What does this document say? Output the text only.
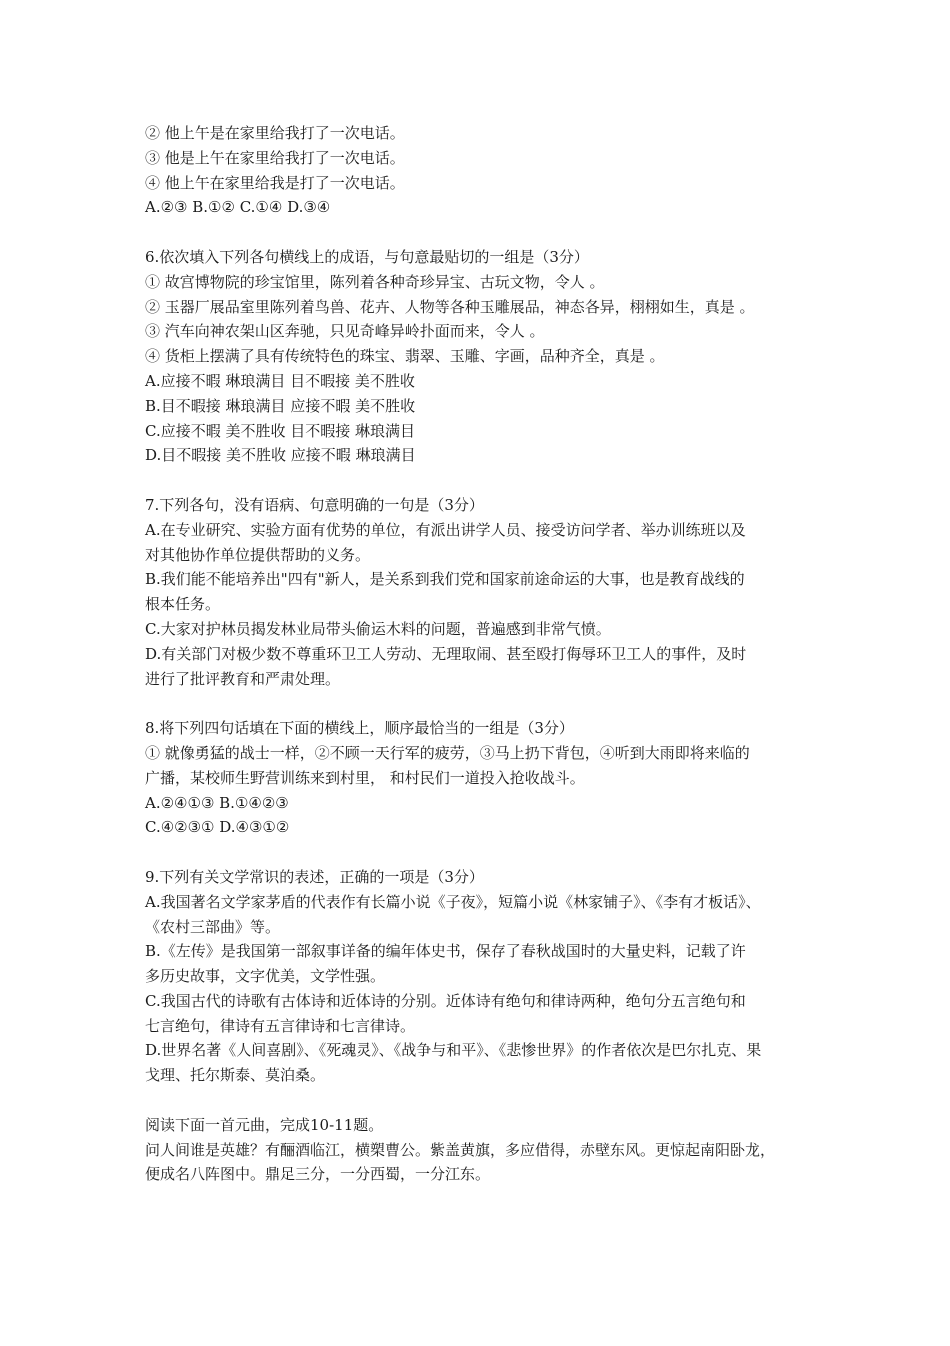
② 他上午是在家里给我打了一次电话。
③ 他是上午在家里给我打了一次电话。
④ 他上午在家里给我是打了一次电话。
A.②③ B.①② C.①④ D.③④
6.依次填入下列各句横线上的成语，与句意最贴切的一组是（3分）
① 故宫博物院的珍宝馆里，陈列着各种奇珍异宝、古玩文物，令人 。
② 玉器厂展品室里陈列着鸟兽、花卉、人物等各种玉雕展品，神态各异，栩栩如生，真是 。
③ 汽车向神农架山区奔驰，只见奇峰异岭扑面而来，令人 。
④ 货柜上摆满了具有传统特色的珠宝、翡翠、玉雕、字画，品种齐全，真是 。
A.应接不暇 琳琅满目 目不暇接 美不胜收
B.目不暇接 琳琅满目 应接不暇 美不胜收
C.应接不暇 美不胜收 目不暇接 琳琅满目
D.目不暇接 美不胜收 应接不暇 琳琅满目
7.下列各句，没有语病、句意明确的一句是（3分）
A.在专业研究、实验方面有优势的单位，有派出讲学人员、接受访问学者、举办训练班以及
对其他协作单位提供帮助的义务。
B.我们能不能培养出"四有"新人，是关系到我们党和国家前途命运的大事，也是教育战线的
根本任务。
C.大家对护林员揭发林业局带头偷运木料的问题，普遍感到非常气愤。
D.有关部门对极少数不尊重环卫工人劳动、无理取闹、甚至殴打侮辱环卫工人的事件，及时
进行了批评教育和严肃处理。
8.将下列四句话填在下面的横线上，顺序最恰当的一组是（3分）
① 就像勇猛的战士一样，②不顾一天行军的疲劳，③马上扔下背包，④听到大雨即将来临的
广播，某校师生野营训练来到村里， 和村民们一道投入抢收战斗。
A.②④①③ B.①④②③
C.④②③① D.④③①②
9.下列有关文学常识的表述，正确的一项是（3分）
A.我国著名文学家茅盾的代表作有长篇小说《子夜》，短篇小说《林家铺子》、《李有才板话》、
《农村三部曲》等。
B.《左传》是我国第一部叙事详备的编年体史书，保存了春秋战国时的大量史料，记载了许
多历史故事，文字优美，文学性强。
C.我国古代的诗歌有古体诗和近体诗的分别。近体诗有绝句和律诗两种，绝句分五言绝句和
七言绝句，律诗有五言律诗和七言律诗。
D.世界名著《人间喜剧》、《死魂灵》、《战争与和平》、《悲惨世界》的作者依次是巴尔扎克、果
戈理、托尔斯泰、莫泊桑。
阅读下面一首元曲，完成10-11题。
问人间谁是英雄？有酾酒临江，横槊曹公。紫盖黄旗，多应借得，赤壁东风。更惊起南阳卧龙，
便成名八阵图中。鼎足三分，一分西蜀，一分江东。
